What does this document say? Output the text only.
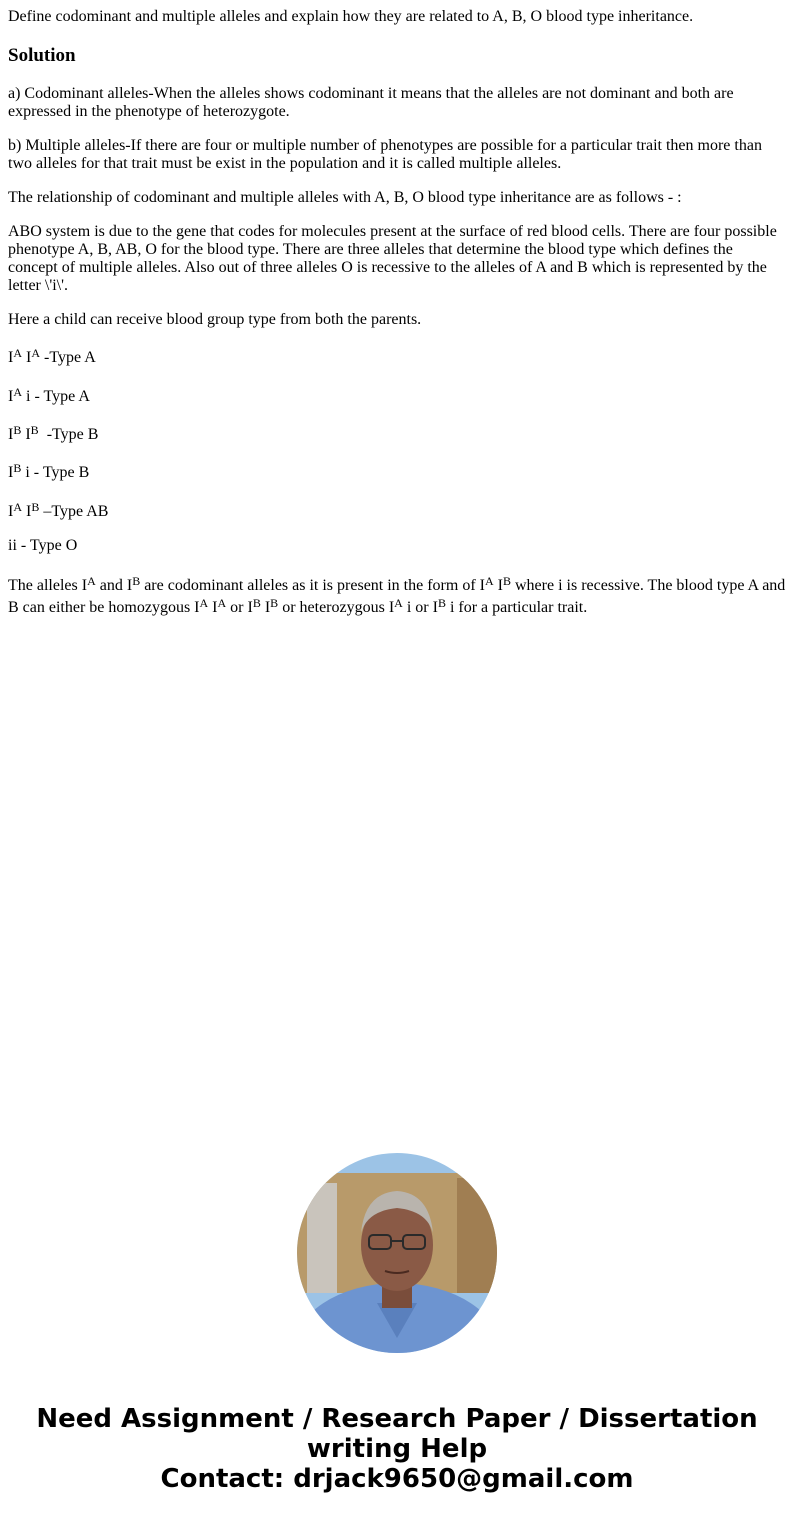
Define codominant and multiple alleles and explain how they are related to A, B, O blood type inheritance.

Solution

a) Codominant alleles-When the alleles shows codominant it means that the alleles are not dominant and both are expressed in the phenotype of heterozygote.

b) Multiple alleles-If there are four or multiple number of phenotypes are possible for a particular trait then more than two alleles for that trait must be exist in the population and it is called multiple alleles.

The relationship of codominant and multiple alleles with A, B, O blood type inheritance are as follows - :

ABO system is due to the gene that codes for molecules present at the surface of red blood cells. There are four possible phenotype A, B, AB, O for the blood type. There are three alleles that determine the blood type which defines the concept of multiple alleles. Also out of three alleles O is recessive to the alleles of A and B which is represented by the letter \'i\'.

Here a child can receive blood group type from both the parents.

$I^A$ $I^A$ -Type A

$I^A$ i - Type A

$I^B$ $I^B$  -Type B

$I^B$ i - Type B

$I^A$ $I^B$ –Type AB

ii - Type O

The alleles $I^A$ and $I^B$ are codominant alleles as it is present in the form of $I^A$ $I^B$ where i is recessive. The blood type A and B can either be homozygous $I^A$ $I^A$ or $I^B$ $I^B$ or heterozygous $I^A$ i or $I^B$ i for a particular trait.

Need Assignment / Research Paper / Dissertation
writing Help
Contact: drjack9650@gmail.com
